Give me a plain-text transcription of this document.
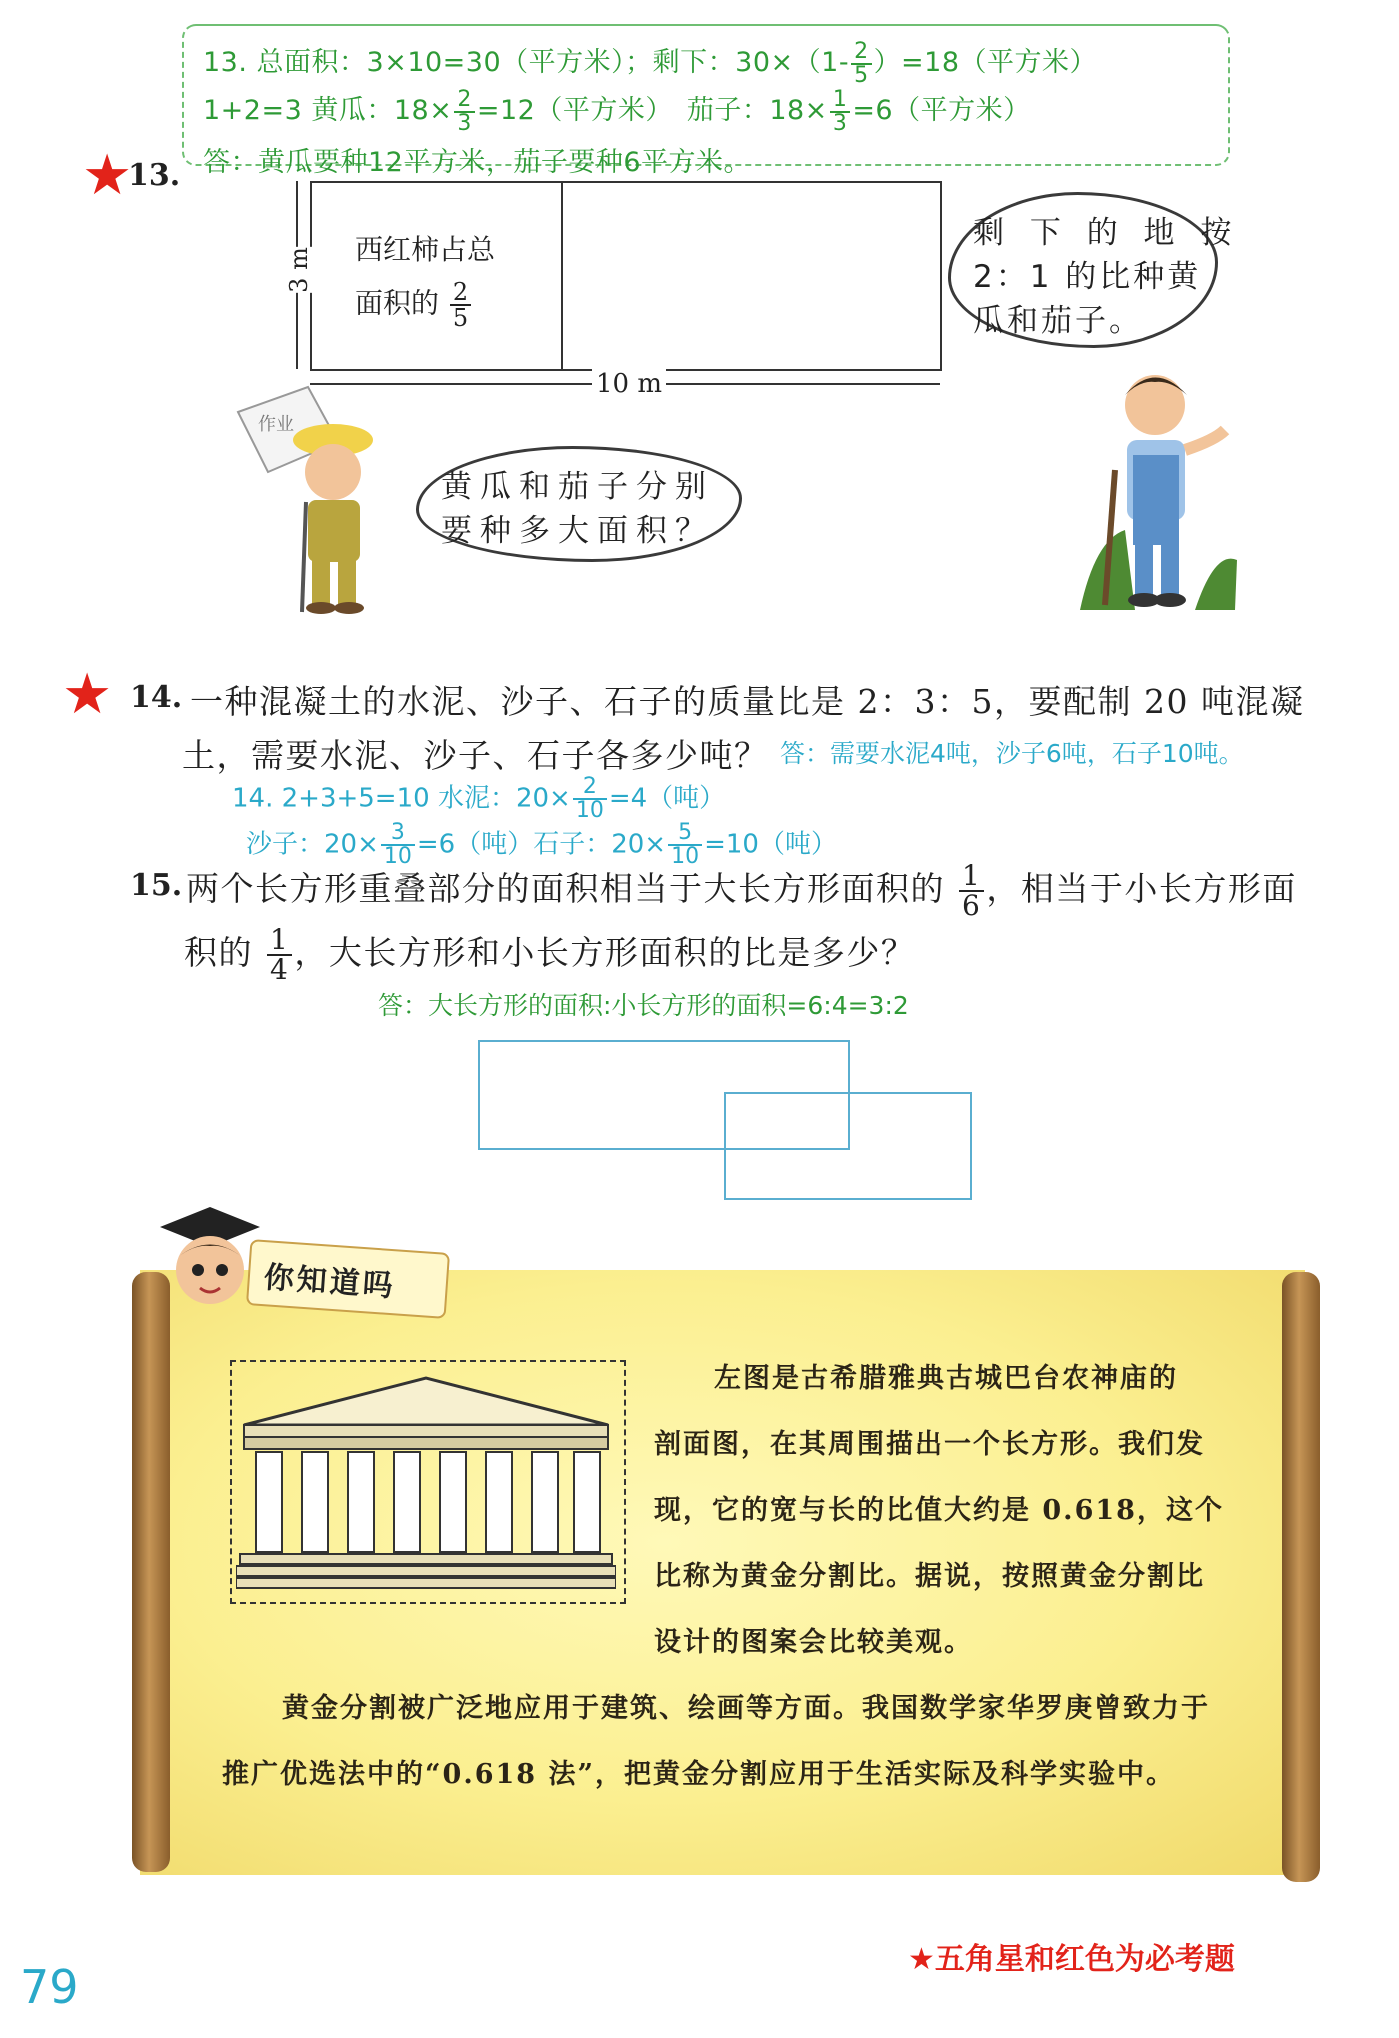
13. 总面积：3×10=30（平方米）；剩下：$30\times(1- \frac{2}{5} )=18$（平方米）
1+2=3 黄瓜：$18\times \frac{2}{3} =12$（平方米）　茄子：$18\times \frac{1}{3} =6$（平方米）
答：黄瓜要种12平方米，茄子要种6平方米。
★
13.
西红柿占总
面积的 $\frac{2}{5}$
3 m
10 m
剩 下 的 地 按
2：1 的比种黄
瓜和茄子。
作业
黄瓜和茄子分别
要种多大面积？
★ 14. 一种混凝土的水泥、沙子、石子的质量比是 2：3：5，要配制 20 吨混凝
土，需要水泥、沙子、石子各多少吨？ 答：需要水泥4吨，沙子6吨，石子10吨。
14. 2+3+5=10 水泥：$20\times \frac{2}{10} =4$（吨）
沙子：$20\times \frac{3}{10} =6$（吨）石子：$20\times \frac{5}{10} =10$（吨）
15. 两个长方形重叠部分的面积相当于大长方形面积的 $\frac{1}{6}$ ，相当于小长方形面
积的 $\frac{1}{4}$ ，大长方形和小长方形面积的比是多少？
答：大长方形的面积:小长方形的面积=6:4=3:2
你知道吗
左图是古希腊雅典古城巴台农神庙的
剖面图，在其周围描出一个长方形。我们发
现，它的宽与长的比值大约是 0.618，这个
比称为黄金分割比。据说，按照黄金分割比
设计的图案会比较美观。
黄金分割被广泛地应用于建筑、绘画等方面。我国数学家华罗庚曾致力于
推广优选法中的“0.618 法”，把黄金分割应用于生活实际及科学实验中。
79
★五角星和红色为必考题
